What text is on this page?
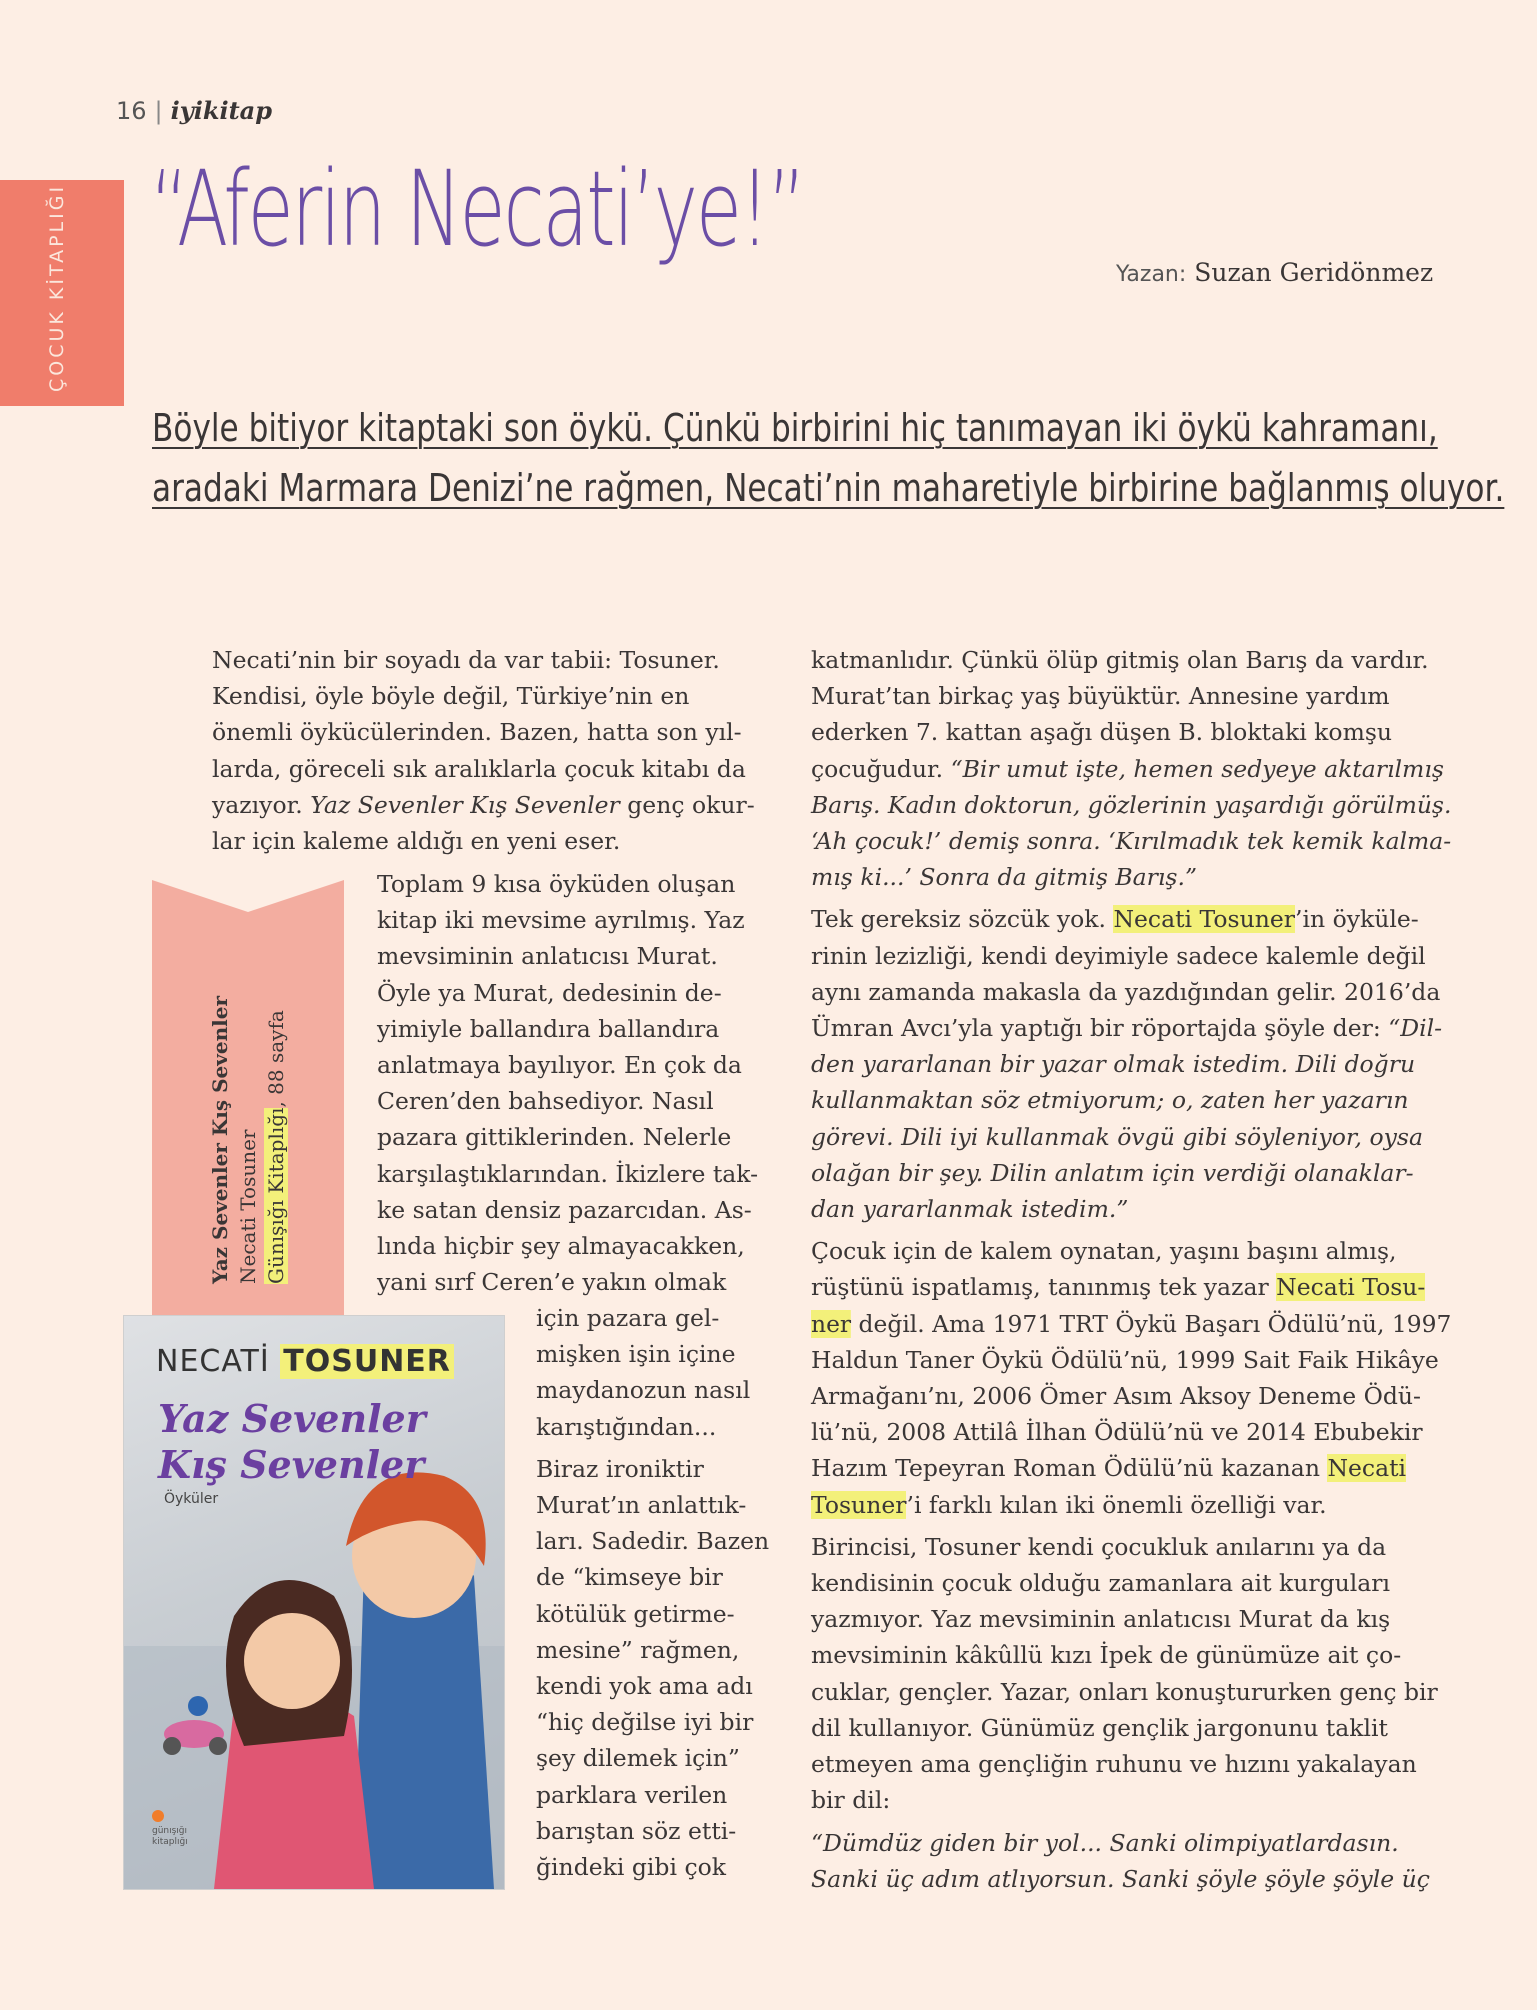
16 | iyikitap
ÇOCUK KİTAPLIĞI “Aferin Necati’ye!”
Yazan: Suzan Geridönmez
Böyle bitiyor kitaptaki son öykü. Çünkü birbirini hiç tanımayan iki öykü kahramanı,
aradaki Marmara Denizi’ne rağmen, Necati’nin maharetiyle birbirine bağlanmış oluyor.

Necati’nin bir soyadı da var tabii: Tosuner.

Kendisi, öyle böyle değil, Türkiye’nin en

önemli öykücülerinden. Bazen, hatta son yıl-

larda, göreceli sık aralıklarla çocuk kitabı da

yazıyor. Yaz Sevenler Kış Sevenler genç okur-

lar için kaleme aldığı en yeni eser.

Yaz Sevenler Kış Sevenler Necati Tosuner Günışığı Kitaplığı, 88 sayfa

Toplam 9 kısa öyküden oluşan

kitap iki mevsime ayrılmış. Yaz

mevsiminin anlatıcısı Murat.

Öyle ya Murat, dedesinin de-

yimiyle ballandıra ballandıra

anlatmaya bayılıyor. En çok da

Ceren’den bahsediyor. Nasıl

pazara gittiklerinden. Nelerle

karşılaştıklarından. İkizlere tak-

ke satan densiz pazarcıdan. As-

lında hiçbir şey almayacakken,

yani sırf Ceren’e yakın olmak

için pazara gel-

mişken işin içine

maydanozun nasıl

karıştığından...

Biraz ironiktir

Murat’ın anlattık-

ları. Sadedir. Bazen

de “kimseye bir

kötülük getirme-

mesine” rağmen,

kendi yok ama adı

“hiç değilse iyi bir

şey dilemek için”

parklara verilen

barıştan söz etti-

ğindeki gibi çok

NECATİ TOSUNER
Yaz Sevenler
Kış Sevenler
Öyküler
günışığı
kitaplığı

katmanlıdır. Çünkü ölüp gitmiş olan Barış da vardır.

Murat’tan birkaç yaş büyüktür. Annesine yardım

ederken 7. kattan aşağı düşen B. bloktaki komşu

çocuğudur. “Bir umut işte, hemen sedyeye aktarılmış

Barış. Kadın doktorun, gözlerinin yaşardığı görülmüş.

‘Ah çocuk!’ demiş sonra. ‘Kırılmadık tek kemik kalma-

mış ki...’ Sonra da gitmiş Barış.”

Tek gereksiz sözcük yok. Necati Tosuner’in öyküle-

rinin lezizliği, kendi deyimiyle sadece kalemle değil

aynı zamanda makasla da yazdığından gelir. 2016’da

Ümran Avcı’yla yaptığı bir röportajda şöyle der: “Dil-

den yararlanan bir yazar olmak istedim. Dili doğru

kullanmaktan söz etmiyorum; o, zaten her yazarın

görevi. Dili iyi kullanmak övgü gibi söyleniyor, oysa

olağan bir şey. Dilin anlatım için verdiği olanaklar-

dan yararlanmak istedim.”

Çocuk için de kalem oynatan, yaşını başını almış,

rüştünü ispatlamış, tanınmış tek yazar Necati Tosu-

ner değil. Ama 1971 TRT Öykü Başarı Ödülü’nü, 1997

Haldun Taner Öykü Ödülü’nü, 1999 Sait Faik Hikâye

Armağanı’nı, 2006 Ömer Asım Aksoy Deneme Ödü-

lü’nü, 2008 Attilâ İlhan Ödülü’nü ve 2014 Ebubekir

Hazım Tepeyran Roman Ödülü’nü kazanan Necati

Tosuner’i farklı kılan iki önemli özelliği var.

Birincisi, Tosuner kendi çocukluk anılarını ya da

kendisinin çocuk olduğu zamanlara ait kurguları

yazmıyor. Yaz mevsiminin anlatıcısı Murat da kış

mevsiminin kâkûllü kızı İpek de günümüze ait ço-

cuklar, gençler. Yazar, onları konuştururken genç bir

dil kullanıyor. Günümüz gençlik jargonunu taklit

etmeyen ama gençliğin ruhunu ve hızını yakalayan

bir dil:

“Dümdüz giden bir yol... Sanki olimpiyatlardasın.

Sanki üç adım atlıyorsun. Sanki şöyle şöyle şöyle üç
